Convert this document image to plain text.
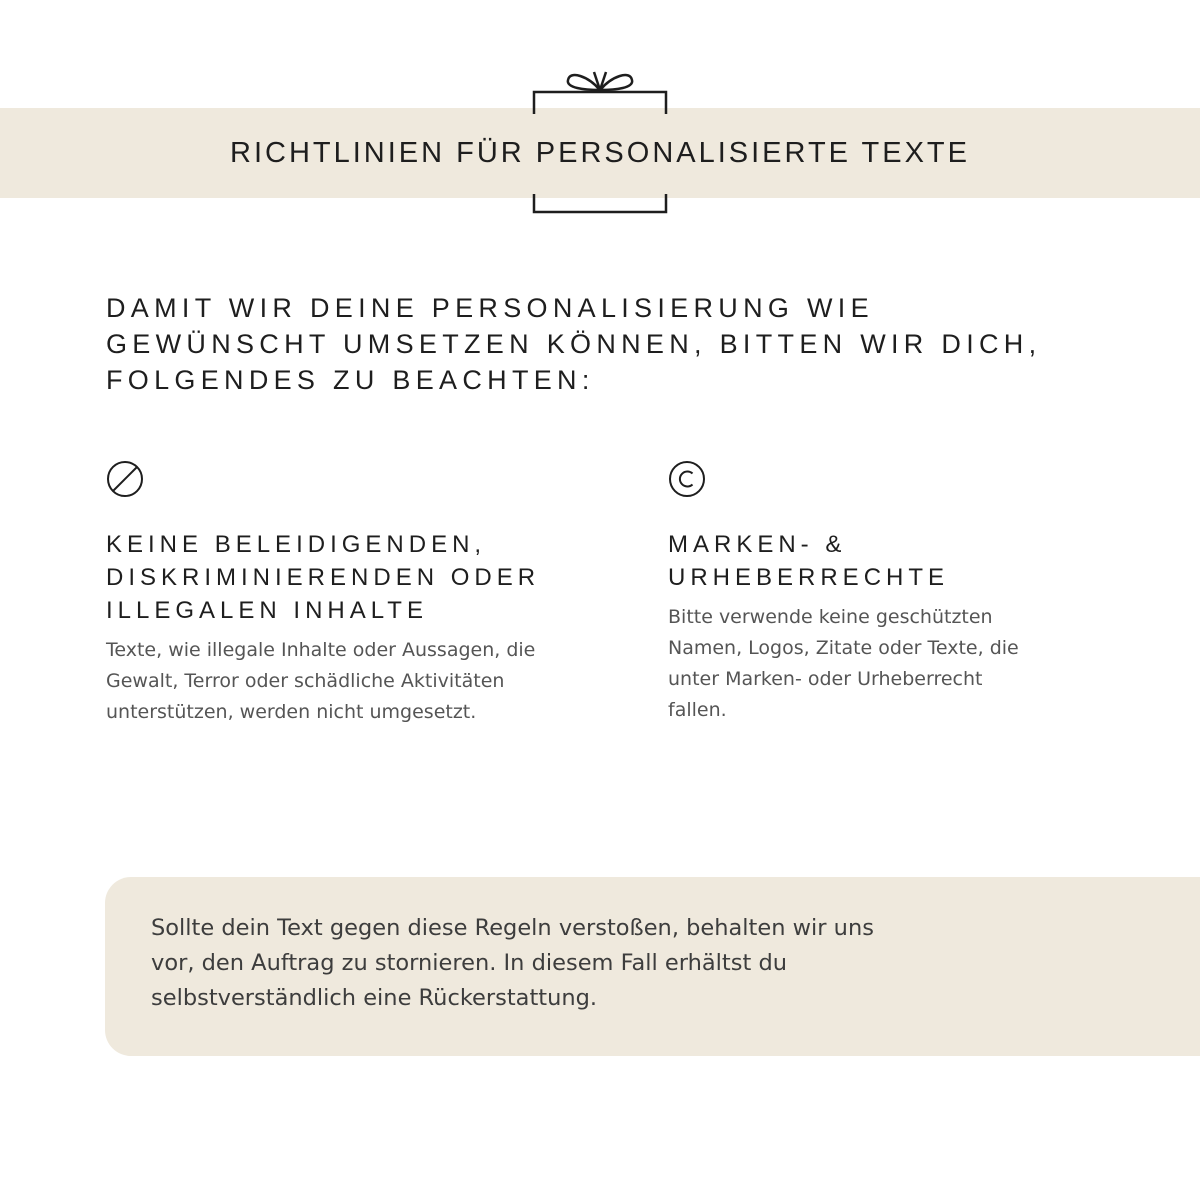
RICHTLINIEN FÜR PERSONALISIERTE TEXTE

DAMIT WIR DEINE PERSONALISIERUNG WIE GEWÜNSCHT UMSETZEN KÖNNEN, BITTEN WIR DICH, FOLGENDES ZU BEACHTEN:

KEINE BELEIDIGENDEN, DISKRIMINIERENDEN ODER ILLEGALEN INHALTE

Texte, wie illegale Inhalte oder Aussagen, die Gewalt, Terror oder schädliche Aktivitäten unterstützen, werden nicht umgesetzt.

MARKEN- & URHEBERRECHTE

Bitte verwende keine geschützten Namen, Logos, Zitate oder Texte, die unter Marken- oder Urheberrecht fallen.

Sollte dein Text gegen diese Regeln verstoßen, behalten wir uns vor, den Auftrag zu stornieren. In diesem Fall erhältst du selbstverständlich eine Rückerstattung.
